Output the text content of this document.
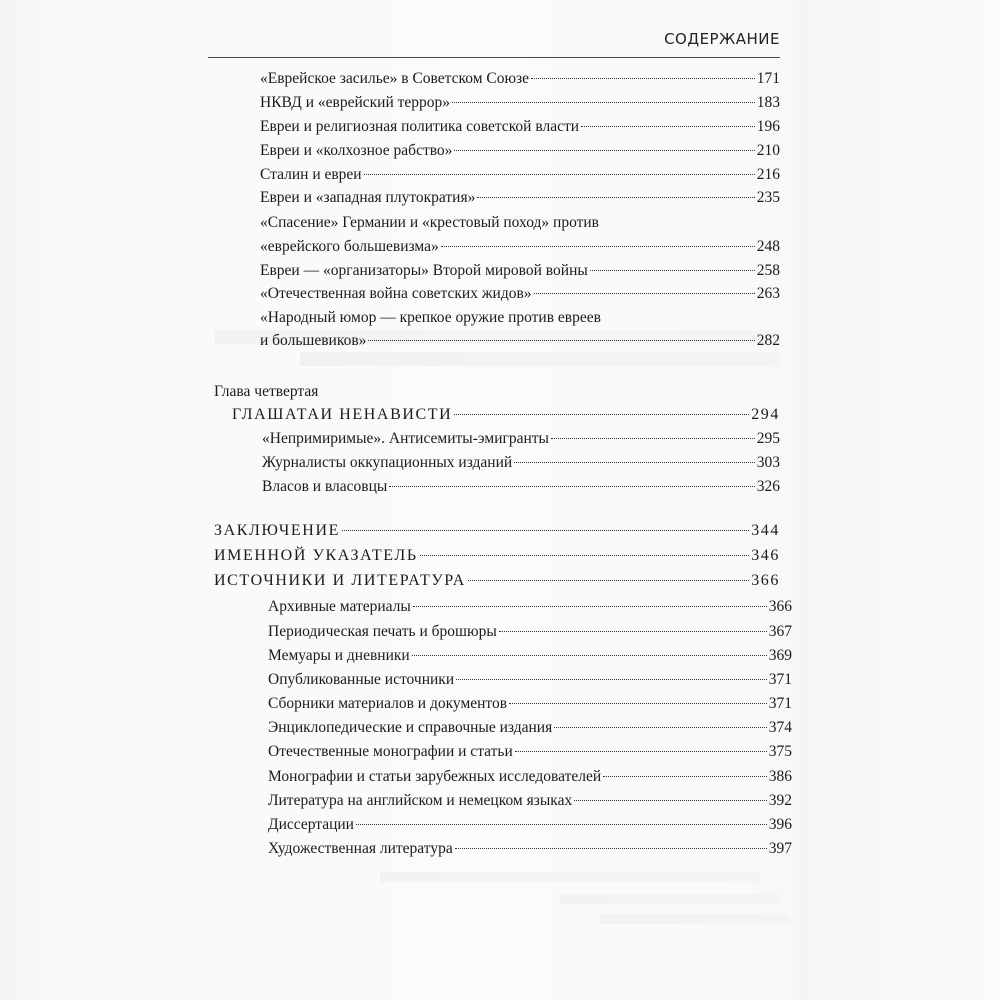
СОДЕРЖАНИЕ
«Еврейское засилье» в Советском Союзе	171
НКВД и «еврейский террор»	183
Евреи и религиозная политика советской власти	196
Евреи и «колхозное рабство»	210
Сталин и евреи	216
Евреи и «западная плутократия»	235
«Спасение» Германии и «крестовый поход» против
«еврейского большевизма»	248
Евреи — «организаторы» Второй мировой войны	258
«Отечественная война советских жидов»	263
«Народный юмор — крепкое оружие против евреев
и большевиков»	282
Глава четвертая
ГЛАШАТАИ НЕНАВИСТИ	294
«Непримиримые». Антисемиты-эмигранты	295
Журналисты оккупационных изданий	303
Власов и власовцы	326
ЗАКЛЮЧЕНИЕ	344
ИМЕННОЙ УКАЗАТЕЛЬ	346
ИСТОЧНИКИ И ЛИТЕРАТУРА	366
Архивные материалы	366
Периодическая печать и брошюры	367
Мемуары и дневники	369
Опубликованные источники	371
Сборники материалов и документов	371
Энциклопедические и справочные издания	374
Отечественные монографии и статьи	375
Монографии и статьи зарубежных исследователей	386
Литература на английском и немецком языках	392
Диссертации	396
Художественная литература	397
